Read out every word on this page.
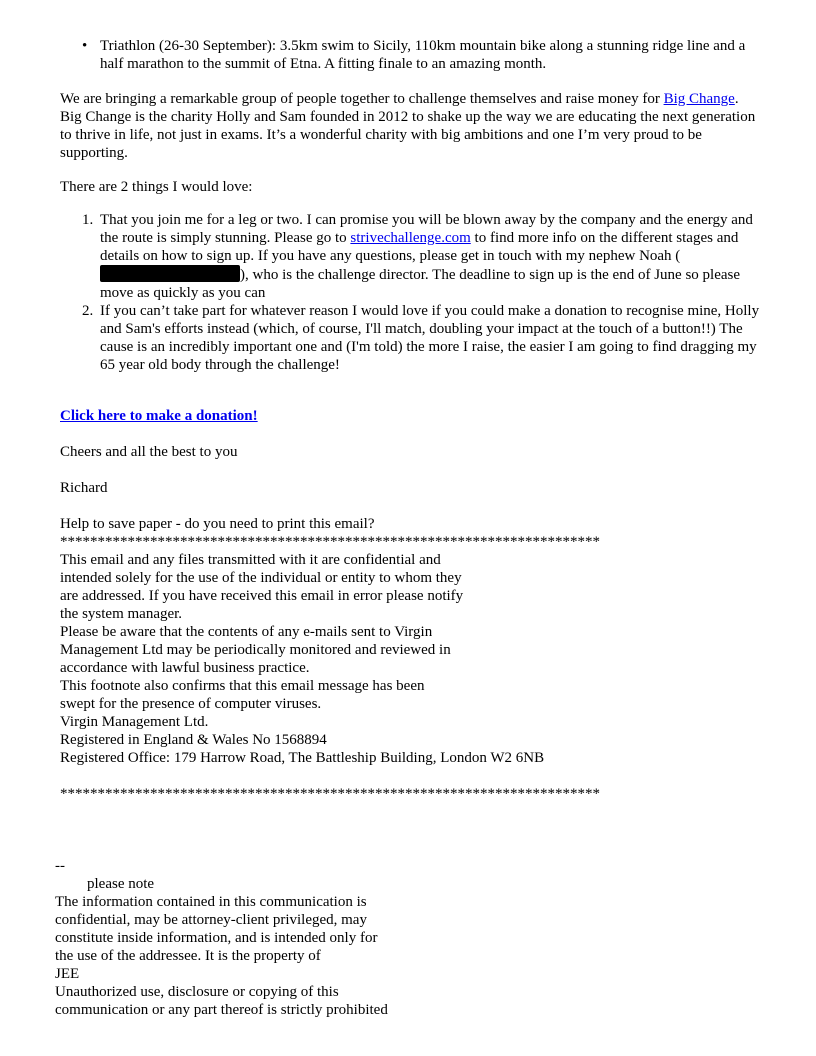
• Triathlon (26-30 September): 3.5km swim to Sicily, 110km mountain bike along a stunning ridge line and a half marathon to the summit of Etna. A fitting finale to an amazing month.
We are bringing a remarkable group of people together to challenge themselves and raise money for Big Change. Big Change is the charity Holly and Sam founded in 2012 to shake up the way we are educating the next generation to thrive in life, not just in exams. It’s a wonderful charity with big ambitions and one I’m very proud to be supporting.
There are 2 things I would love:
1. That you join me for a leg or two. I can promise you will be blown away by the company and the energy and the route is simply stunning. Please go to strivechallenge.com to find more info on the different stages and details on how to sign up. If you have any questions, please get in touch with my nephew Noah (), who is the challenge director. The deadline to sign up is the end of June so please move as quickly as you can
2. If you can’t take part for whatever reason I would love if you could make a donation to recognise mine, Holly and Sam's efforts instead (which, of course, I'll match, doubling your impact at the touch of a button!!) The cause is an incredibly important one and (I'm told) the more I raise, the easier I am going to find dragging my 65 year old body through the challenge!
Click here to make a donation!
Cheers and all the best to you
Richard
Help to save paper - do you need to print this email?
************************************************************************
This email and any files transmitted with it are confidential and
intended solely for the use of the individual or entity to whom they
are addressed. If you have received this email in error please notify
the system manager.
Please be aware that the contents of any e-mails sent to Virgin
Management Ltd may be periodically monitored and reviewed in
accordance with lawful business practice.
This footnote also confirms that this email message has been
swept for the presence of computer viruses.
Virgin Management Ltd.
Registered in England & Wales No 1568894
Registered Office: 179 Harrow Road, The Battleship Building, London W2 6NB
************************************************************************
--
please note
The information contained in this communication is
confidential, may be attorney-client privileged, may
constitute inside information, and is intended only for
the use of the addressee. It is the property of
JEE
Unauthorized use, disclosure or copying of this
communication or any part thereof is strictly prohibited
